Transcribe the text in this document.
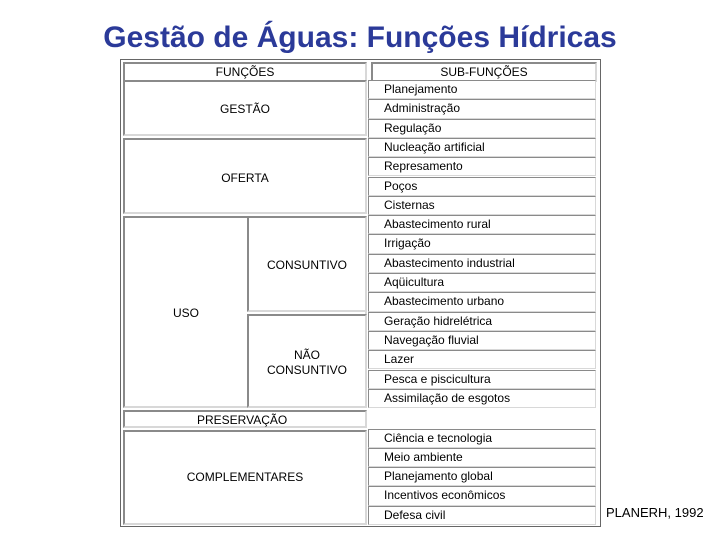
Gestão de Águas: Funções Hídricas
FUNÇÕES	SUB-FUNÇÕES
GESTÃO
OFERTA
USO
CONSUNTIVO
NÃO
CONSUNTIVO
PRESERVAÇÃO
COMPLEMENTARES
Planejamento
Administração
Regulação
Nucleação artificial
Represamento
Poços
Cisternas
Abastecimento rural
Irrigação
Abastecimento industrial
Aqüicultura
Abastecimento urbano
Geração hidrelétrica
Navegação fluvial
Lazer
Pesca e piscicultura
Assimilação de esgotos
Ciência e tecnologia
Meio ambiente
Planejamento global
Incentivos econômicos
Defesa civil	PLANERH, 1992
